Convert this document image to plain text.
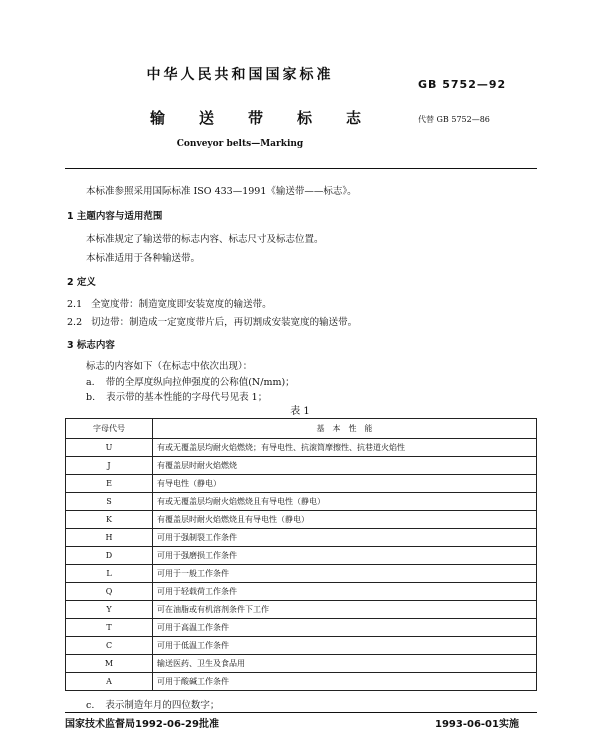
中华人民共和国国家标准
GB 5752—92
输送带标志	代替 GB 5752—86
Conveyor belts—Marking
本标准参照采用国际标准 ISO 433—1991《输送带——标志》。
1 主题内容与适用范围
本标准规定了输送带的标志内容、标志尺寸及标志位置。
本标准适用于各种输送带。
2 定义
2.1 全宽度带：制造宽度即安装宽度的输送带。
2.2 切边带：制造成一定宽度带片后，再切割成安装宽度的输送带。
3 标志内容
标志的内容如下（在标志中依次出现）：
a. 带的全厚度纵向拉伸强度的公称值(N/mm)；
b. 表示带的基本性能的字母代号见表 1；
表 1
字母代号	基　本　性　能
U	有或无覆盖层均耐火焰燃烧；有导电性、抗滚筒摩擦性、抗巷道火焰性
J	有覆盖层时耐火焰燃烧
E	有导电性（静电）
S	有或无覆盖层均耐火焰燃烧且有导电性（静电）
K	有覆盖层时耐火焰燃烧且有导电性（静电）
H	可用于强制裂工作条件
D	可用于强磨损工作条件
L	可用于一般工作条件
Q	可用于轻载荷工作条件
Y	可在油脂或有机溶剂条件下工作
T	可用于高温工作条件
C	可用于低温工作条件
M	输送医药、卫生及食品用
A	可用于酸碱工作条件
c. 表示制造年月的四位数字；
国家技术监督局1992-06-29批准	1993-06-01实施
